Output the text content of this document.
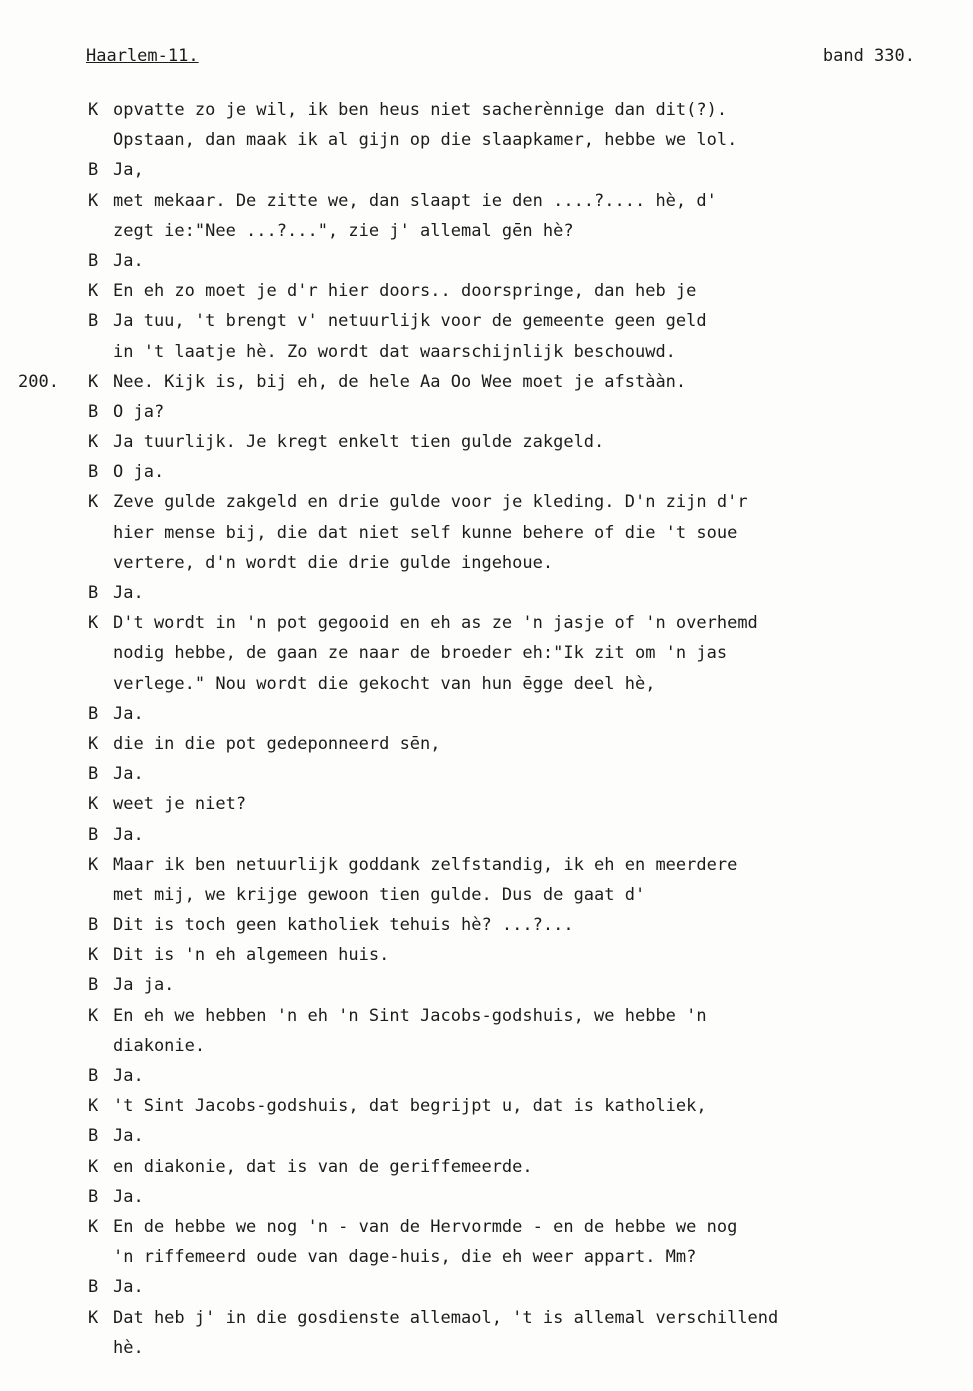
Haarlem-11.	band 330.
K opvatte zo je wil, ik ben heus niet sacherènnige dan dit(?).
Opstaan, dan maak ik al gijn op die slaapkamer, hebbe we lol.
B Ja,
K met mekaar. De zitte we, dan slaapt ie den ....?.... hè, d'
zegt ie:"Nee ...?...", zie j' allemal gēn hè?
B Ja.
K En eh zo moet je d'r hier doors.. doorspringe, dan heb je
B Ja tuu, 't brengt v' netuurlijk voor de gemeente geen geld
in 't laatje hè. Zo wordt dat waarschijnlijk beschouwd.
200. K Nee. Kijk is, bij eh, de hele Aa Oo Wee moet je afstààn.
B O ja?
K Ja tuurlijk. Je kregt enkelt tien gulde zakgeld.
B O ja.
K Zeve gulde zakgeld en drie gulde voor je kleding. D'n zijn d'r
hier mense bij, die dat niet self kunne behere of die 't soue
vertere, d'n wordt die drie gulde ingehoue.
B Ja.
K D't wordt in 'n pot gegooid en eh as ze 'n jasje of 'n overhemd
nodig hebbe, de gaan ze naar de broeder eh:"Ik zit om 'n jas
verlege." Nou wordt die gekocht van hun ēgge deel hè,
B Ja.
K die in die pot gedeponneerd sēn,
B Ja.
K weet je niet?
B Ja.
K Maar ik ben netuurlijk goddank zelfstandig, ik eh en meerdere
met mij, we krijge gewoon tien gulde. Dus de gaat d'
B Dit is toch geen katholiek tehuis hè? ...?...
K Dit is 'n eh algemeen huis.
B Ja ja.
K En eh we hebben 'n eh 'n Sint Jacobs-godshuis, we hebbe 'n
diakonie.
B Ja.
K 't Sint Jacobs-godshuis, dat begrijpt u, dat is katholiek,
B Ja.
K en diakonie, dat is van de geriffemeerde.
B Ja.
K En de hebbe we nog 'n - van de Hervormde - en de hebbe we nog
'n riffemeerd oude van dage-huis, die eh weer appart. Mm?
B Ja.
K Dat heb j' in die gosdienste allemaol, 't is allemal verschillend
hè.
